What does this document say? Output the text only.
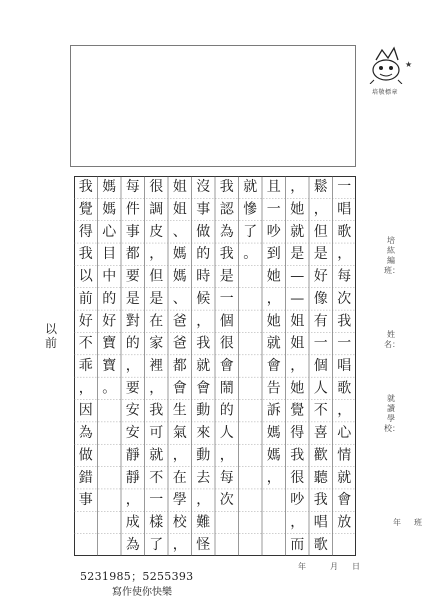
培敬標章
★
一
唱
歌
，
每
次
我
一
唱
歌
，
心
情
就
會
放
鬆
，
但
是
好
像
有
一
個
人
不
喜
歡
聽
我
唱
歌
，
她
就
是
—
—
姐
姐
，
她
覺
得
我
很
吵
，
而
且
一
吵
到
她
，
她
就
會
告
訴
媽
媽
，
就
慘
了
。
我
認
為
我
是
一
個
很
會
鬧
的
人
，
每
次
沒
事
做
的
時
候
，
我
就
會
動
來
動
去
，
難
怪
姐
姐
、
媽
媽
、
爸
爸
都
會
生
氣
，
在
學
校
，
很
調
皮
，
但
是
在
家
裡
，
我
可
就
不
一
樣
了
每
件
事
都
要
是
對
的
，
要
安
安
靜
靜
，
成
為
媽
媽
心
目
中
的
好
寶
寶
。
我
覺
得
我
以
前
好
不
乖
，
因
為
做
錯
事
培紘編班：
姓名：
就讀學校：
年	班
年	月 日
以前
5231985；5255393
寫作使你快樂
